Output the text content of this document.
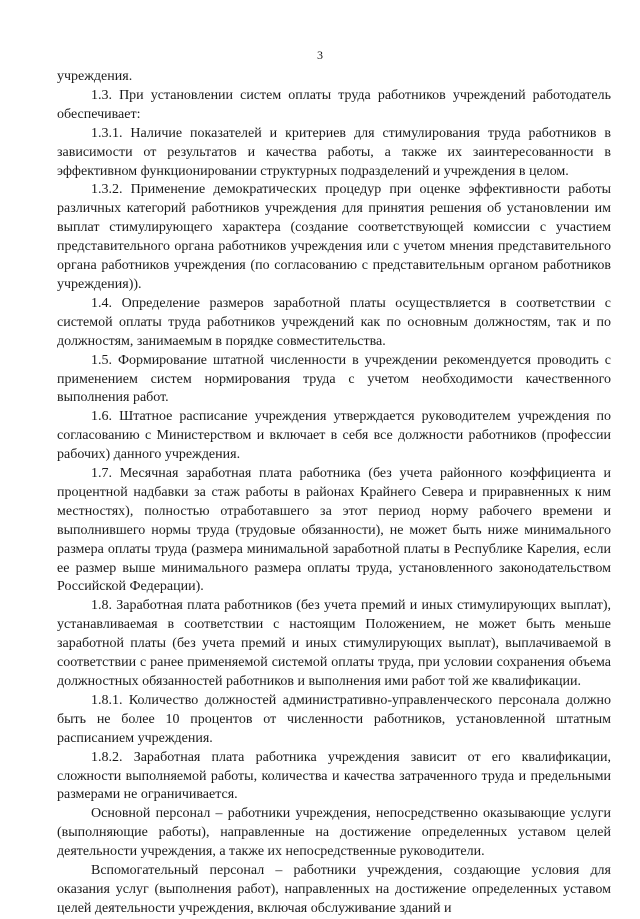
3

учреждения.

1.3. При установлении систем оплаты труда работников учреждений работодатель обеспечивает:

1.3.1. Наличие показателей и критериев для стимулирования труда работников в зависимости от результатов и качества работы, а также их заинтересованности в эффективном функционировании структурных подразделений и учреждения в целом.

1.3.2. Применение демократических процедур при оценке эффективности работы различных категорий работников учреждения для принятия решения об установлении им выплат стимулирующего характера (создание соответствующей комиссии с участием представительного органа работников учреждения или с учетом мнения представительного органа работников учреждения (по согласованию с представительным органом работников учреждения)).

1.4. Определение размеров заработной платы осуществляется в соответствии с системой оплаты труда работников учреждений как по основным должностям, так и по должностям, занимаемым в порядке совместительства.

1.5. Формирование штатной численности в учреждении рекомендуется проводить с применением систем нормирования труда с учетом необходимости качественного выполнения работ.

1.6. Штатное расписание учреждения утверждается руководителем учреждения по согласованию с Министерством и включает в себя все должности работников (профессии рабочих) данного учреждения.

1.7. Месячная заработная плата работника (без учета районного коэффициента и процентной надбавки за стаж работы в районах Крайнего Севера и приравненных к ним местностях), полностью отработавшего за этот период норму рабочего времени и выполнившего нормы труда (трудовые обязанности), не может быть ниже минимального размера оплаты труда (размера минимальной заработной платы в Республике Карелия, если ее размер выше минимального размера оплаты труда, установленного законодательством Российской Федерации).

1.8. Заработная плата работников (без учета премий и иных стимулирующих выплат), устанавливаемая в соответствии с настоящим Положением, не может быть меньше заработной платы (без учета премий и иных стимулирующих выплат), выплачиваемой в соответствии с ранее применяемой системой оплаты труда, при условии сохранения объема должностных обязанностей работников и выполнения ими работ той же квалификации.

1.8.1. Количество должностей административно-управленческого персонала должно быть не более 10 процентов от численности работников, установленной штатным расписанием учреждения.

1.8.2. Заработная плата работника учреждения зависит от его квалификации, сложности выполняемой работы, количества и качества затраченного труда и предельными размерами не ограничивается.

Основной персонал – работники учреждения, непосредственно оказывающие услуги (выполняющие работы), направленные на достижение определенных уставом целей деятельности учреждения, а также их непосредственные руководители.

Вспомогательный персонал – работники учреждения, создающие условия для оказания услуг (выполнения работ), направленных на достижение определенных уставом целей деятельности учреждения, включая обслуживание зданий и
